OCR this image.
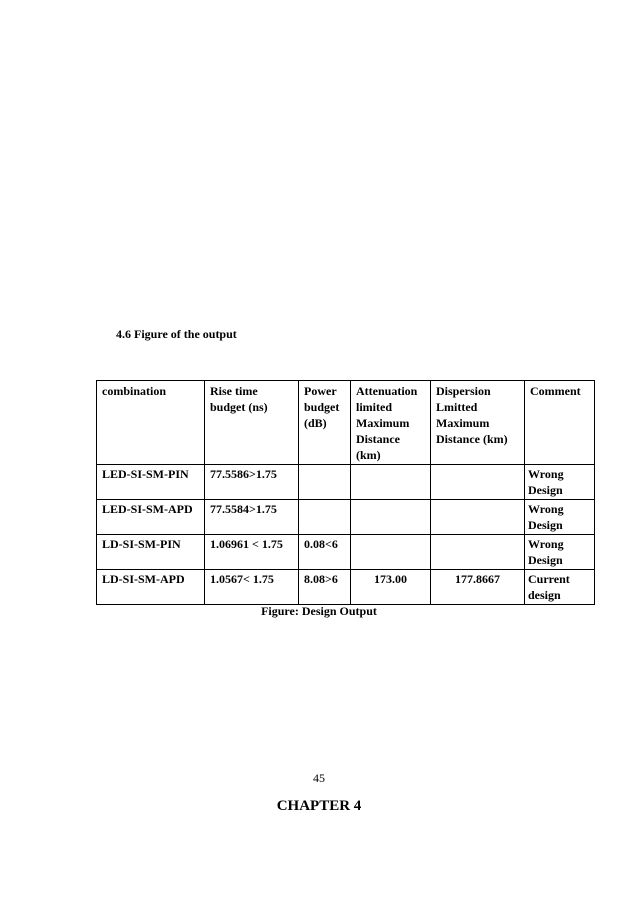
4.6 Figure of the output
combination	Rise time budget (ns)	Power budget (dB)	Attenuation limited Maximum Distance (km)	Dispersion Lmitted Maximum Distance (km)	Comment
LED-SI-SM-PIN	77.5586>1.75				Wrong Design
LED-SI-SM-APD	77.5584>1.75				Wrong Design
LD-SI-SM-PIN	1.06961 < 1.75	0.08<6			Wrong Design
LD-SI-SM-APD	1.0567< 1.75	8.08>6	173.00	177.8667	Current design
Figure: Design Output
45
CHAPTER 4
